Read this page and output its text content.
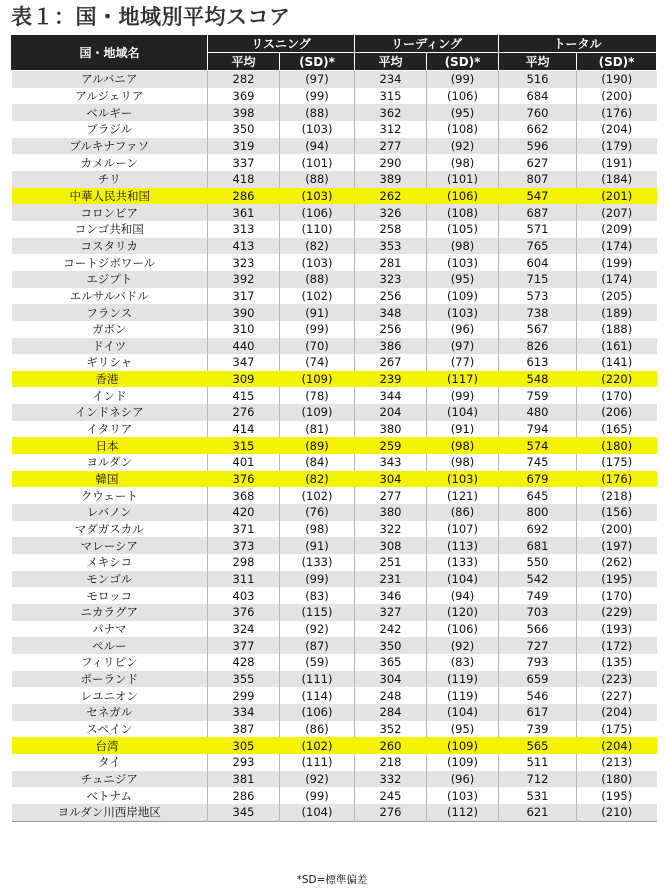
表１：国・地域別平均スコア
国・地域名	リスニング		リーディング		トータル	
	平均	(SD)*	平均	(SD)*	平均	(SD)*
アルバニア	282	(97)	234	(99)	516	(190)
アルジェリア	369	(99)	315	(106)	684	(200)
ベルギー	398	(88)	362	(95)	760	(176)
ブラジル	350	(103)	312	(108)	662	(204)
ブルキナファソ	319	(94)	277	(92)	596	(179)
カメルーン	337	(101)	290	(98)	627	(191)
チリ	418	(88)	389	(101)	807	(184)
中華人民共和国	286	(103)	262	(106)	547	(201)
コロンビア	361	(106)	326	(108)	687	(207)
コンゴ共和国	313	(110)	258	(105)	571	(209)
コスタリカ	413	(82)	353	(98)	765	(174)
コートジボワール	323	(103)	281	(103)	604	(199)
エジプト	392	(88)	323	(95)	715	(174)
エルサルバドル	317	(102)	256	(109)	573	(205)
フランス	390	(91)	348	(103)	738	(189)
ガボン	310	(99)	256	(96)	567	(188)
ドイツ	440	(70)	386	(97)	826	(161)
ギリシャ	347	(74)	267	(77)	613	(141)
香港	309	(109)	239	(117)	548	(220)
インド	415	(78)	344	(99)	759	(170)
インドネシア	276	(109)	204	(104)	480	(206)
イタリア	414	(81)	380	(91)	794	(165)
日本	315	(89)	259	(98)	574	(180)
ヨルダン	401	(84)	343	(98)	745	(175)
韓国	376	(82)	304	(103)	679	(176)
クウェート	368	(102)	277	(121)	645	(218)
レバノン	420	(76)	380	(86)	800	(156)
マダガスカル	371	(98)	322	(107)	692	(200)
マレーシア	373	(91)	308	(113)	681	(197)
メキシコ	298	(133)	251	(133)	550	(262)
モンゴル	311	(99)	231	(104)	542	(195)
モロッコ	403	(83)	346	(94)	749	(170)
ニカラグア	376	(115)	327	(120)	703	(229)
パナマ	324	(92)	242	(106)	566	(193)
ペルー	377	(87)	350	(92)	727	(172)
フィリピン	428	(59)	365	(83)	793	(135)
ポーランド	355	(111)	304	(119)	659	(223)
レユニオン	299	(114)	248	(119)	546	(227)
セネガル	334	(106)	284	(104)	617	(204)
スペイン	387	(86)	352	(95)	739	(175)
台湾	305	(102)	260	(109)	565	(204)
タイ	293	(111)	218	(109)	511	(213)
チュニジア	381	(92)	332	(96)	712	(180)
ベトナム	286	(99)	245	(103)	531	(195)
ヨルダン川西岸地区	345	(104)	276	(112)	621	(210)
*SD=標準偏差
